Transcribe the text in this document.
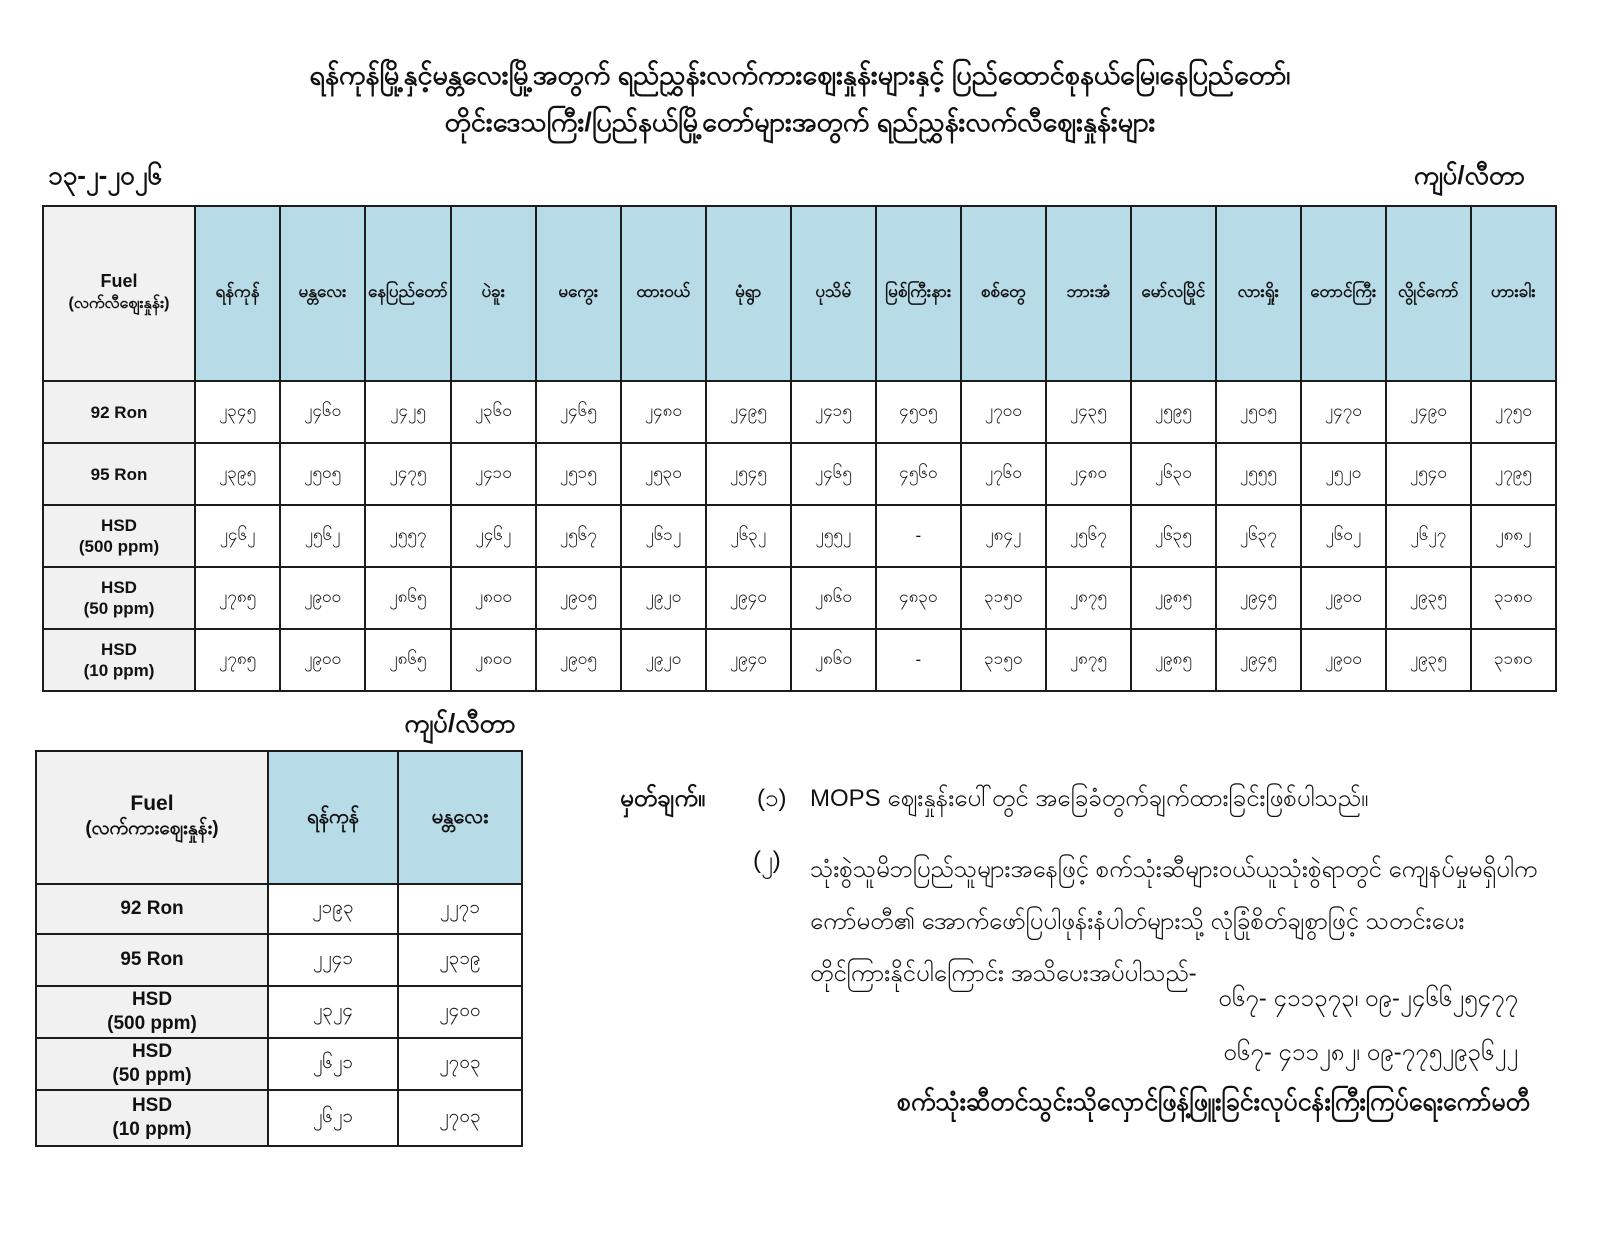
ရန်ကုန်မြို့နှင့်မန္တလေးမြို့အတွက် ရည်ညွှန်းလက်ကားဈေးနှုန်းများနှင့် ပြည်ထောင်စုနယ်မြေ၊နေပြည်တော်၊
တိုင်းဒေသကြီး/ပြည်နယ်မြို့တော်များအတွက် ရည်ညွှန်းလက်လီဈေးနှုန်းများ
၁၃-၂-၂၀၂၆	ကျပ်/လီတာ
Fuel
(လက်လီဈေးနှုန်း)	ရန်ကုန်	မန္တလေး	နေပြည်တော်	ပဲခူး	မကွေး	ထားဝယ်	မုံရွာ	ပုသိမ်	မြစ်ကြီးနား	စစ်တွေ	ဘားအံ	မော်လမြိုင်	လားရှိုး	တောင်ကြီး	လွိုင်ကော်	ဟားခါး

92 Ron	၂၃၄၅	၂၄၆၀	၂၄၂၅	၂၃၆၀	၂၄၆၅	၂၄၈၀	၂၄၉၅	၂၄၁၅	၄၅၀၅	၂၇၀၀	၂၄၃၅	၂၅၉၅	၂၅၀၅	၂၄၇၀	၂၄၉၀	၂၇၅၀

95 Ron	၂၃၉၅	၂၅၀၅	၂၄၇၅	၂၄၁၀	၂၅၁၅	၂၅၃၀	၂၅၄၅	၂၄၆၅	၄၅၆၀	၂၇၆၀	၂၄၈၀	၂၆၃၀	၂၅၅၅	၂၅၂၀	၂၅၄၀	၂၇၉၅

HSD
(500 ppm)	၂၄၆၂	၂၅၆၂	၂၅၅၇	၂၄၆၂	၂၅၆၇	၂၆၁၂	၂၆၃၂	၂၅၅၂	-	၂၈၄၂	၂၅၆၇	၂၆၃၅	၂၆၃၇	၂၆၀၂	၂၆၂၇	၂၈၈၂

HSD
(50 ppm)	၂၇၈၅	၂၉၀၀	၂၈၆၅	၂၈၀၀	၂၉၀၅	၂၉၂၀	၂၉၄၀	၂၈၆၀	၄၈၃၀	၃၁၅၀	၂၈၇၅	၂၉၈၅	၂၉၄၅	၂၉၀၀	၂၉၃၅	၃၁၈၀

HSD
(10 ppm)	၂၇၈၅	၂၉၀၀	၂၈၆၅	၂၈၀၀	၂၉၀၅	၂၉၂၀	၂၉၄၀	၂၈၆၀	-	၃၁၅၀	၂၈၇၅	၂၉၈၅	၂၉၄၅	၂၉၀၀	၂၉၃၅	၃၁၈၀
ကျပ်/လီတာ
Fuel
(လက်ကားဈေးနှုန်း)	ရန်ကုန်	မန္တလေး

92 Ron	၂၁၉၃	၂၂၇၁

95 Ron	၂၂၄၁	၂၃၁၉

HSD
(500 ppm)	၂၃၂၄	၂၄၀၀

HSD
(50 ppm)	၂၆၂၁	၂၇၀၃

HSD
(10 ppm)	၂၆၂၁	၂၇၀၃
မှတ်ချက်။ (၁) MOPS ဈေးနှုန်းပေါ်တွင် အခြေခံတွက်ချက်ထားခြင်းဖြစ်ပါသည်။
(၂) သုံးစွဲသူမိဘပြည်သူများအနေဖြင့် စက်သုံးဆီများဝယ်ယူသုံးစွဲရာတွင် ကျေနပ်မှုမရှိပါက
ကော်မတီ၏ အောက်ဖော်ပြပါဖုန်းနံပါတ်များသို့ လုံခြုံစိတ်ချစွာဖြင့် သတင်းပေး
တိုင်ကြားနိုင်ပါကြောင်း အသိပေးအပ်ပါသည်-
၀၆၇- ၄၁၁၃၇၃၊ ၀၉-၂၄၆၆၂၅၄၇၇
၀၆၇- ၄၁၁၂၈၂၊ ၀၉-၇၇၅၂၉၃၆၂၂
စက်သုံးဆီတင်သွင်းသိုလှောင်ဖြန့်ဖြူးခြင်းလုပ်ငန်းကြီးကြပ်ရေးကော်မတီ
